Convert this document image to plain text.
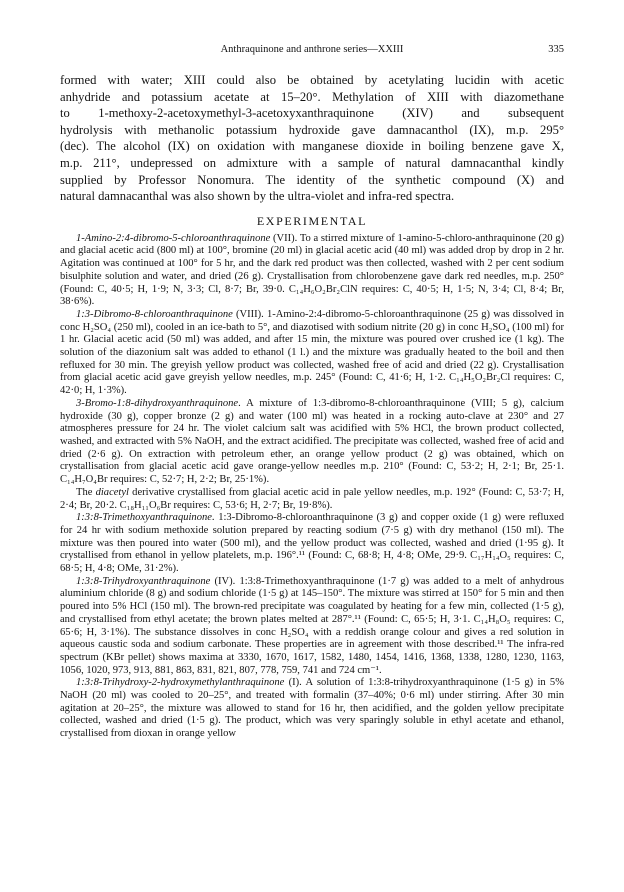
Anthraquinone and anthrone series—XXIII	335
formed with water; XIII could also be obtained by acetylating lucidin with acetic
anhydride and potassium acetate at 15–20°. Methylation of XIII with diazomethane
to 1-methoxy-2-acetoxymethyl-3-acetoxyxanthraquinone (XIV) and subsequent
hydrolysis with methanolic potassium hydroxide gave damnacanthol (IX), m.p. 295°
(dec). The alcohol (IX) on oxidation with manganese dioxide in boiling benzene gave X,
m.p. 211°, undepressed on admixture with a sample of natural damnacanthal kindly
supplied by Professor Nonomura. The identity of the synthetic compound (X) and
natural damnacanthal was also shown by the ultra-violet and infra-red spectra.
EXPERIMENTAL

1-Amino-2:4-dibromo-5-chloroanthraquinone (VII). To a stirred mixture of 1-amino-5-chloro-anthraquinone (20 g) and glacial acetic acid (800 ml) at 100°, bromine (20 ml) in glacial acetic acid (40 ml) was added drop by drop in 2 hr. Agitation was continued at 100° for 5 hr, and the dark red product was then collected, washed with 2 per cent sodium bisulphite solution and water, and dried (26 g). Crystallisation from chlorobenzene gave dark red needles, m.p. 250° (Found: C, 40·5; H, 1·9; N, 3·3; Cl, 8·7; Br, 39·0. C₁₄H₆O₂Br₂ClN requires: C, 40·5; H, 1·5; N, 3·4; Cl, 8·4; Br, 38·6%).

1:3-Dibromo-8-chloroanthraquinone (VIII). 1-Amino-2:4-dibromo-5-chloroanthraquinone (25 g) was dissolved in conc H₂SO₄ (250 ml), cooled in an ice-bath to 5°, and diazotised with sodium nitrite (20 g) in conc H₂SO₄ (100 ml) for 1 hr. Glacial acetic acid (50 ml) was added, and after 15 min, the mixture was poured over crushed ice (1 kg). The solution of the diazonium salt was added to ethanol (1 l.) and the mixture was gradually heated to the boil and then refluxed for 30 min. The greyish yellow product was collected, washed free of acid and dried (22 g). Crystallisation from glacial acetic acid gave greyish yellow needles, m.p. 245° (Found: C, 41·6; H, 1·2. C₁₄H₅O₂Br₂Cl requires: C, 42·0; H, 1·3%).

3-Bromo-1:8-dihydroxyanthraquinone. A mixture of 1:3-dibromo-8-chloroanthraquinone (VIII; 5 g), calcium hydroxide (30 g), copper bronze (2 g) and water (100 ml) was heated in a rocking auto-clave at 230° and 27 atmospheres pressure for 24 hr. The violet calcium salt was acidified with 5% HCl, the brown product collected, washed, and extracted with 5% NaOH, and the extract acidified. The precipitate was collected, washed free of acid and dried (2·6 g). On extraction with petroleum ether, an orange yellow product (2 g) was obtained, which on crystallisation from glacial acetic acid gave orange-yellow needles m.p. 210° (Found: C, 53·2; H, 2·1; Br, 25·1. C₁₄H₇O₄Br requires: C, 52·7; H, 2·2; Br, 25·1%).

The diacetyl derivative crystallised from glacial acetic acid in pale yellow needles, m.p. 192° (Found: C, 53·7; H, 2·4; Br, 20·2. C₁₈H₁₁O₆Br requires: C, 53·6; H, 2·7; Br, 19·8%).

1:3:8-Trimethoxyanthraquinone. 1:3-Dibromo-8-chloroanthraquinone (3 g) and copper oxide (1 g) were refluxed for 24 hr with sodium methoxide solution prepared by reacting sodium (7·5 g) with dry methanol (150 ml). The mixture was then poured into water (500 ml), and the yellow product was collected, washed and dried (1·95 g). It crystallised from ethanol in yellow platelets, m.p. 196°.¹¹ (Found: C, 68·8; H, 4·8; OMe, 29·9. C₁₇H₁₄O₅ requires: C, 68·5; H, 4·8; OMe, 31·2%).

1:3:8-Trihydroxyanthraquinone (IV). 1:3:8-Trimethoxyanthraquinone (1·7 g) was added to a melt of anhydrous aluminium chloride (8 g) and sodium chloride (1·5 g) at 145–150°. The mixture was stirred at 150° for 5 min and then poured into 5% HCl (150 ml). The brown-red precipitate was coagulated by heating for a few min, collected (1·5 g), and crystallised from ethyl acetate; the brown plates melted at 287°.¹¹ (Found: C, 65·5; H, 3·1. C₁₄H₈O₅ requires: C, 65·6; H, 3·1%). The substance dissolves in conc H₂SO₄ with a reddish orange colour and gives a red solution in aqueous caustic soda and sodium carbonate. These properties are in agreement with those described.¹¹ The infra-red spectrum (KBr pellet) shows maxima at 3330, 1670, 1617, 1582, 1480, 1454, 1416, 1368, 1338, 1280, 1230, 1163, 1056, 1020, 973, 913, 881, 863, 831, 821, 807, 778, 759, 741 and 724 cm⁻¹.

1:3:8-Trihydroxy-2-hydroxymethylanthraquinone (I). A solution of 1:3:8-trihydroxyanthraquinone (1·5 g) in 5% NaOH (20 ml) was cooled to 20–25°, and treated with formalin (37–40%; 0·6 ml) under stirring. After 30 min agitation at 20–25°, the mixture was allowed to stand for 16 hr, then acidified, and the golden yellow precipitate collected, washed and dried (1·5 g). The product, which was very sparingly soluble in ethyl acetate and ethanol, crystallised from dioxan in orange yellow
